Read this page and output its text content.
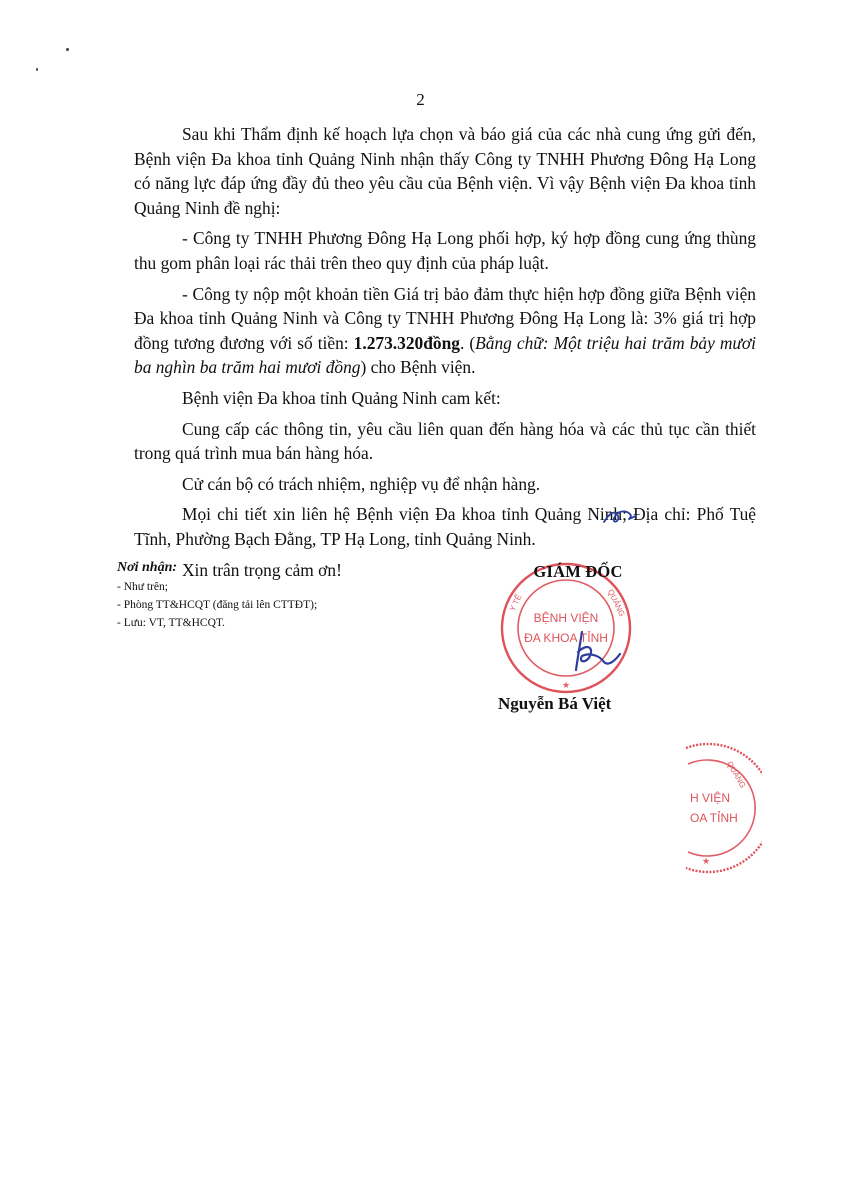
2

Sau khi Thẩm định kế hoạch lựa chọn và báo giá của các nhà cung ứng gửi đến, Bệnh viện Đa khoa tỉnh Quảng Ninh nhận thấy Công ty TNHH Phương Đông Hạ Long có năng lực đáp ứng đầy đủ theo yêu cầu của Bệnh viện. Vì vậy Bệnh viện Đa khoa tỉnh Quảng Ninh đề nghị:

- Công ty TNHH Phương Đông Hạ Long phối hợp, ký hợp đồng cung ứng thùng thu gom phân loại rác thải trên theo quy định của pháp luật.

- Công ty nộp một khoản tiền Giá trị bảo đảm thực hiện hợp đồng giữa Bệnh viện Đa khoa tỉnh Quảng Ninh và Công ty TNHH Phương Đông Hạ Long là: 3% giá trị hợp đồng tương đương với số tiền: 1.273.320đồng. (Bằng chữ: Một triệu hai trăm bảy mươi ba nghìn ba trăm hai mươi đồng) cho Bệnh viện.

Bệnh viện Đa khoa tỉnh Quảng Ninh cam kết:

Cung cấp các thông tin, yêu cầu liên quan đến hàng hóa và các thủ tục cần thiết trong quá trình mua bán hàng hóa.

Cử cán bộ có trách nhiệm, nghiệp vụ để nhận hàng.

Mọi chi tiết xin liên hệ Bệnh viện Đa khoa tỉnh Quảng Ninh; Địa chỉ: Phố Tuệ Tĩnh, Phường Bạch Đằng, TP Hạ Long, tỉnh Quảng Ninh.

Xin trân trọng cảm ơn!

Nơi nhận:
- Như trên;
- Phòng TT&HCQT (đăng tải lên CTTĐT);
- Lưu: VT, TT&HCQT.	BỆNH VIỆN
ĐA KHOA TỈNH
QUẢNG
Y TẾ
★
GIÁM ĐỐC
Nguyễn Bá Việt
H VIỆN
OA TỈNH
QUẢNG
★
